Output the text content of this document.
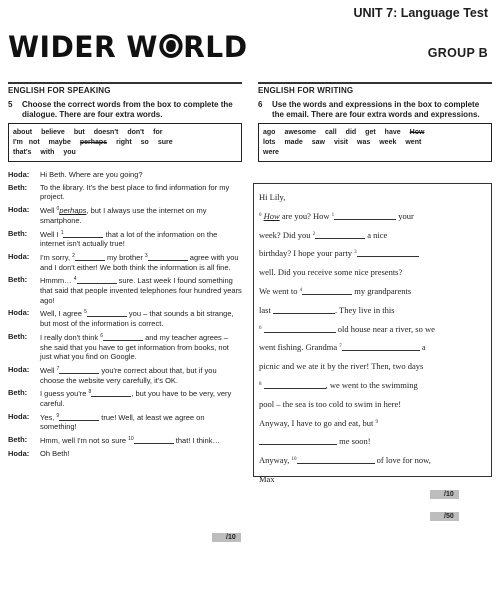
WIDER W RLD
UNIT 7: Language Test
GROUP B
ENGLISH FOR SPEAKING
5	Choose the correct words from the box to complete the dialogue. There are four extra words.
about believe but doesn't don't for
I'm not maybe perhaps right so sure
that's with you
Hoda:	Hi Beth. Where are you going?
Beth:	To the library. It's the best place to find information for my project.
Hoda:	Well $^0$perhaps, but I always use the internet on my smartphone.
Beth:	Well I $^1$	that a lot of the information on the internet isn't actually true!
Hoda:	I'm sorry, $^2$	my brother $^3$	agree with you and I don't either! We both think the information is all fine.
Beth:	Hmmm… $^4$	sure. Last week I found something that said that people invented telephones four hundred years ago!
Hoda:	Well, I agree $^5$	you – that sounds a bit strange, but most of the information is correct.
Beth:	I really don't think $^6$	and my teacher agrees – she said that you have to get information from books, not just what you find on Google.
Hoda:	Well $^7$	you're correct about that, but if you choose the website very carefully, it's OK.
Beth:	I guess you're $^8$	, but you have to be very, very careful.
Hoda:	Yes, $^9$	true! Well, at least we agree on something!
Beth:	Hmm, well I'm not so sure $^{10}$	that! I think…
Hoda:	Oh Beth!
/10
ENGLISH FOR WRITING
6	Use the words and expressions in the box to complete the email. There are four extra words and expressions.
ago awesome call did get have How
lots made saw visit was week went
were
Hi Lily,
$^0$ How are you? How $^1$	your
week? Did you $^2$	a nice
birthday? I hope your party $^3$
well. Did you receive some nice presents?
We went to $^4$	my grandparents
last	. They live in this
$^6$	old house near a river, so we
went fishing. Grandma $^7$	a
picnic and we ate it by the river! Then, two days
$^8$	, we went to the swimming
pool – the sea is too cold to swim in here!
Anyway, I have to go and eat, but $^9$
me soon!
Anyway, $^{10}$	of love for now,
Max
/10
/50
